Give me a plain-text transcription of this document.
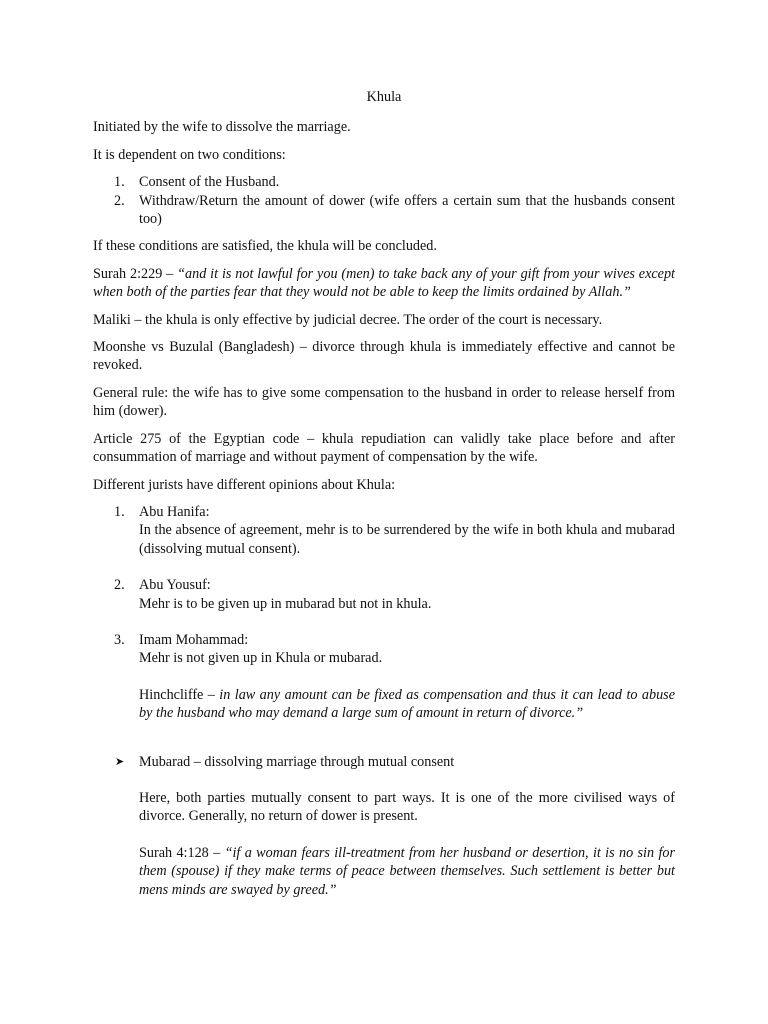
Khula

Initiated by the wife to dissolve the marriage.

It is dependent on two conditions:

1. Consent of the Husband.
2. Withdraw/Return the amount of dower (wife offers a certain sum that the husbands consent too)

If these conditions are satisfied, the khula will be concluded.

Surah 2:229 – “and it is not lawful for you (men) to take back any of your gift from your wives except when both of the parties fear that they would not be able to keep the limits ordained by Allah.”

Maliki – the khula is only effective by judicial decree. The order of the court is necessary.

Moonshe vs Buzulal (Bangladesh) – divorce through khula is immediately effective and cannot be revoked.

General rule: the wife has to give some compensation to the husband in order to release herself from him (dower).

Article 275 of the Egyptian code – khula repudiation can validly take place before and after consummation of marriage and without payment of compensation by the wife.

Different jurists have different opinions about Khula:

1. Abu Hanifa:
In the absence of agreement, mehr is to be surrendered by the wife in both khula and mubarad (dissolving mutual consent).
2. Abu Yousuf:
Mehr is to be given up in mubarad but not in khula.
3. Imam Mohammad:
Mehr is not given up in Khula or mubarad.
Hinchcliffe – in law any amount can be fixed as compensation and thus it can lead to abuse by the husband who may demand a large sum of amount in return of divorce.”
➤ Mubarad – dissolving marriage through mutual consent
Here, both parties mutually consent to part ways. It is one of the more civilised ways of divorce. Generally, no return of dower is present.
Surah 4:128 – “if a woman fears ill-treatment from her husband or desertion, it is no sin for them (spouse) if they make terms of peace between themselves. Such settlement is better but mens minds are swayed by greed.”
